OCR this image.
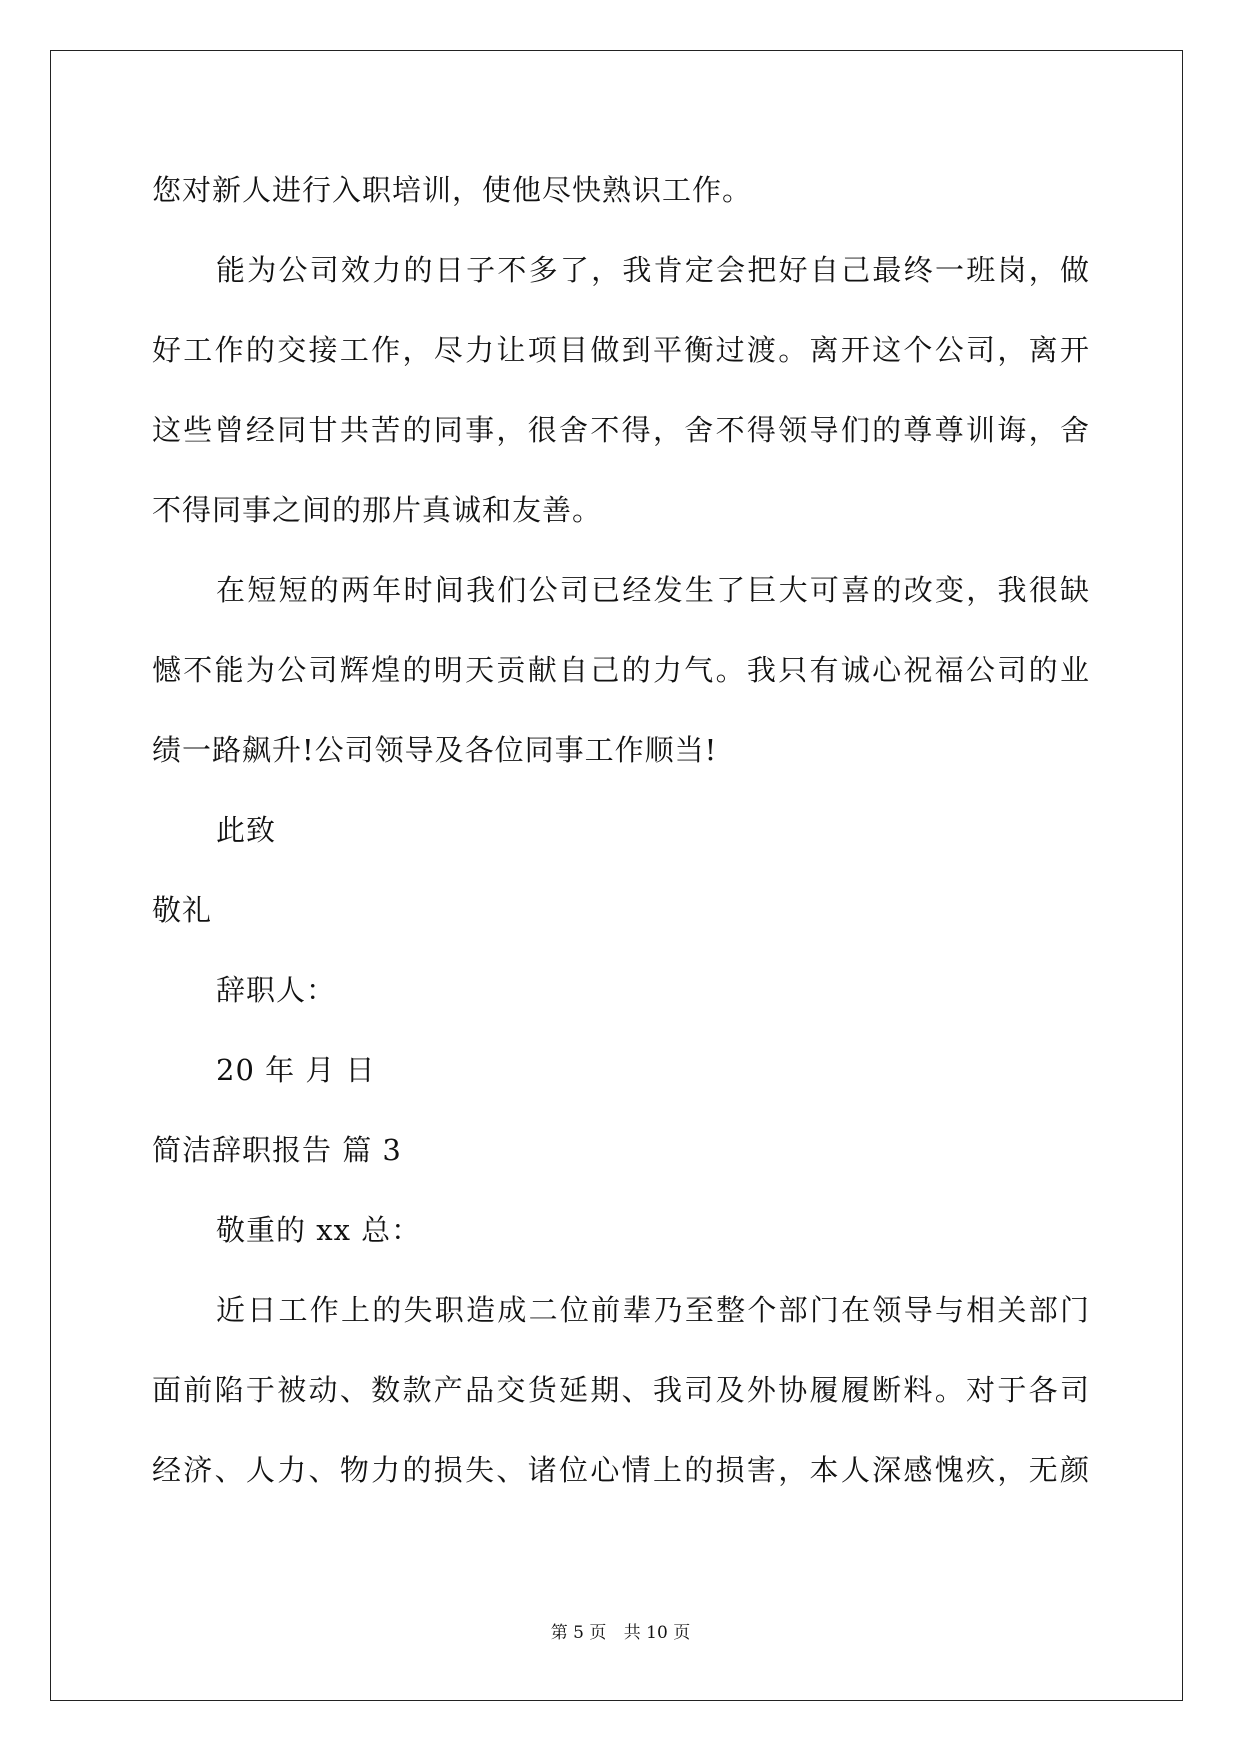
您对新人进行入职培训，使他尽快熟识工作。
能为公司效力的日子不多了，我肯定会把好自己最终一班岗，做
好工作的交接工作，尽力让项目做到平衡过渡。离开这个公司，离开
这些曾经同甘共苦的同事，很舍不得，舍不得领导们的尊尊训诲，舍
不得同事之间的那片真诚和友善。
在短短的两年时间我们公司已经发生了巨大可喜的改变，我很缺
憾不能为公司辉煌的明天贡献自己的力气。我只有诚心祝福公司的业
绩一路飙升!公司领导及各位同事工作顺当!
此致
敬礼
辞职人：
20 年 月 日
简洁辞职报告 篇 3
敬重的 xx 总：
近日工作上的失职造成二位前辈乃至整个部门在领导与相关部门
面前陷于被动、数款产品交货延期、我司及外协履履断料。对于各司
经济、人力、物力的损失、诸位心情上的损害，本人深感愧疚，无颜
第 5 页 共 10 页
